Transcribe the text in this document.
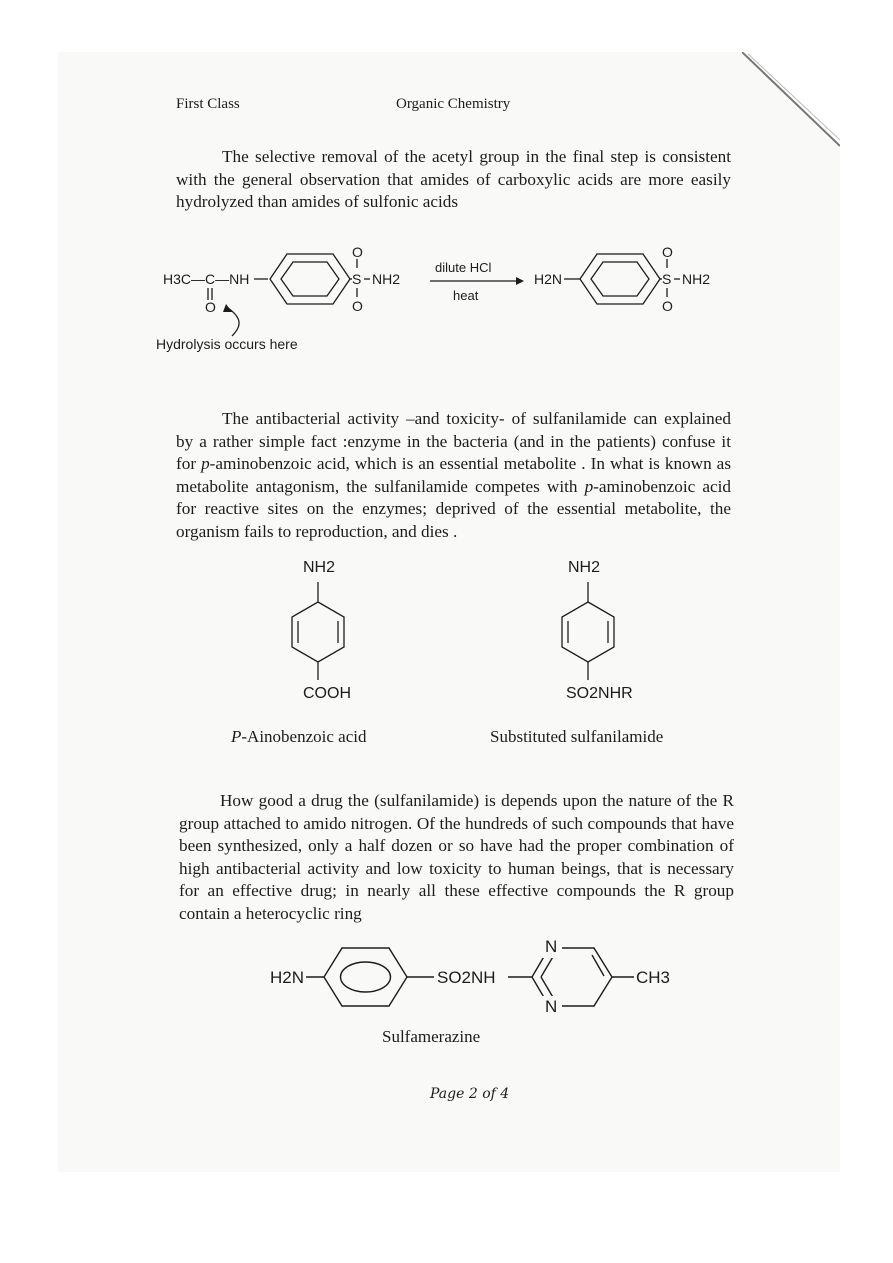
First Class	Organic Chemistry

The selective removal of the acetyl group in the final step is consistent with the general observation that amides of carboxylic acids are more easily hydrolyzed than amides of sulfonic acids

H3C—C—NH
O
O
S
O
NH2
dilute HCl
heat
H2N
O
S
O
NH2
Hydrolysis occurs here

The antibacterial activity –and toxicity- of sulfanilamide can explained by a rather simple fact :enzyme in the bacteria (and in the patients) confuse it for p-aminobenzoic acid, which is an essential metabolite . In what is known as metabolite antagonism, the sulfanilamide competes with p-aminobenzoic acid for reactive sites on the enzymes; deprived of the essential metabolite, the organism fails to reproduction, and dies .

NH2
COOH
P-Ainobenzoic acid
NH2
SO2NHR
Substituted sulfanilamide

How good a drug the (sulfanilamide) is depends upon the nature of the R group attached to amido nitrogen. Of the hundreds of such compounds that have been synthesized, only a half dozen or so have had the proper combination of high antibacterial activity and low toxicity to human beings, that is necessary for an effective drug; in nearly all these effective compounds the R group contain a heterocyclic ring

H2N	SO2NH
N
N
CH3
Sulfamerazine
Page 2 of 4
